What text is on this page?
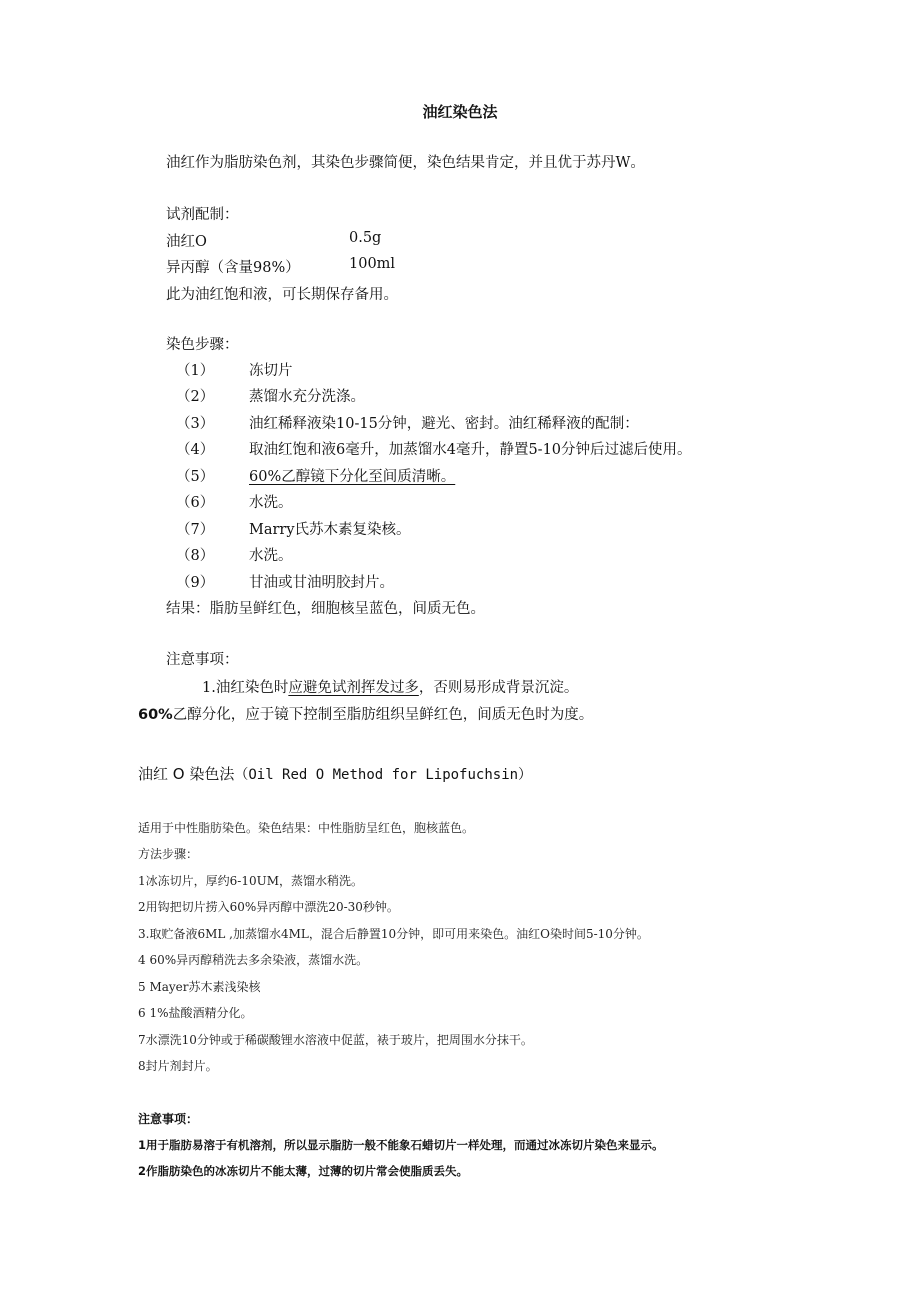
油红染色法
油红作为脂肪染色剂，其染色步骤简便，染色结果肯定，并且优于苏丹W。
试剂配制：
油红O	0.5g
异丙醇（含量98%）	100ml
此为油红饱和液，可长期保存备用。
染色步骤：
（1） 冻切片
（2） 蒸馏水充分洗涤。
（3） 油红稀释液染10-15分钟，避光、密封。油红稀释液的配制：
（4） 取油红饱和液6毫升，加蒸馏水4毫升，静置5-10分钟后过滤后使用。
（5） 60%乙醇镜下分化至间质清晰。
（6） 水洗。
（7） Marry氏苏木素复染核。
（8） 水洗。
（9） 甘油或甘油明胶封片。
结果：脂肪呈鲜红色，细胞核呈蓝色，间质无色。
注意事项：
1.油红染色时应避免试剂挥发过多，否则易形成背景沉淀。
60%乙醇分化，应于镜下控制至脂肪组织呈鲜红色，间质无色时为度。
油红 O 染色法（Oil Red O Method for Lipofuchsin）
适用于中性脂肪染色。染色结果：中性脂肪呈红色，胞核蓝色。
方法步骤：
1冰冻切片，厚约6-10UM，蒸馏水稍洗。
2用钩把切片捞入60%异丙醇中漂洗20-30秒钟。
3.取贮备液6ML ,加蒸馏水4ML，混合后静置10分钟，即可用来染色。油红O染时间5-10分钟。
4 60%异丙醇稍洗去多余染液，蒸馏水洗。
5 Mayer苏木素浅染核
6 1%盐酸酒精分化。
7水漂洗10分钟或于稀碳酸锂水溶液中促蓝，裱于玻片，把周围水分抹干。
8封片剂封片。
注意事项：
1用于脂肪易溶于有机溶剂，所以显示脂肪一般不能象石蜡切片一样处理，而通过冰冻切片染色来显示。
2作脂肪染色的冰冻切片不能太薄，过薄的切片常会使脂质丢失。
